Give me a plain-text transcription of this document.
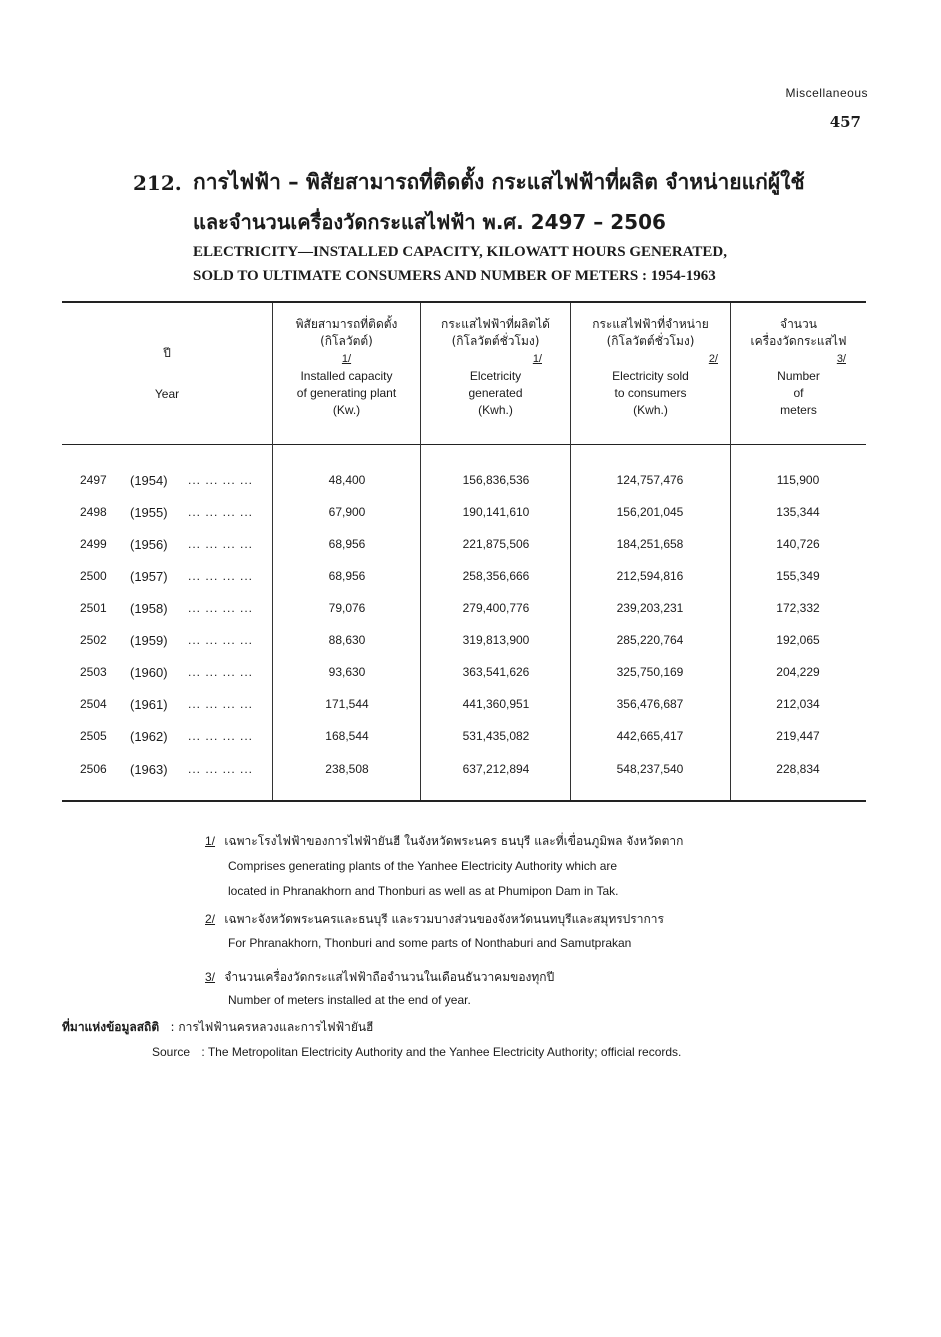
Miscellaneous
457
212. การไฟฟ้า – พิสัยสามารถที่ติดตั้ง กระแสไฟฟ้าที่ผลิต จำหน่ายแก่ผู้ใช้
และจำนวนเครื่องวัดกระแสไฟฟ้า พ.ศ. 2497 – 2506
ELECTRICITY—INSTALLED CAPACITY, KILOWATT HOURS GENERATED,
SOLD TO ULTIMATE CONSUMERS AND NUMBER OF METERS : 1954-1963
ปี
Year
พิสัยสามารถที่ติดตั้ง
(กิโลวัตต์)
1/
Installed capacity
of generating plant
(Kw.)
กระแสไฟฟ้าที่ผลิตได้
(กิโลวัตต์ชั่วโมง)
1/
Elcetricity
generated
(Kwh.)
กระแสไฟฟ้าที่จำหน่าย
(กิโลวัตต์ชั่วโมง)
2/
Electricity sold
to consumers
(Kwh.)
จำนวน
เครื่องวัดกระแสไฟ
3/
Number
of
meters
2497 (1954) ... ... ... ...	48,400	156,836,536	124,757,476	115,900
2498 (1955) ... ... ... ...	67,900	190,141,610	156,201,045	135,344
2499 (1956) ... ... ... ...	68,956	221,875,506	184,251,658	140,726
2500 (1957) ... ... ... ...	68,956	258,356,666	212,594,816	155,349
2501 (1958) ... ... ... ...	79,076	279,400,776	239,203,231	172,332
2502 (1959) ... ... ... ...	88,630	319,813,900	285,220,764	192,065
2503 (1960) ... ... ... ...	93,630	363,541,626	325,750,169	204,229
2504 (1961) ... ... ... ...	171,544	441,360,951	356,476,687	212,034
2505 (1962) ... ... ... ...	168,544	531,435,082	442,665,417	219,447
2506 (1963) ... ... ... ...	238,508	637,212,894	548,237,540	228,834
1/ เฉพาะโรงไฟฟ้าของการไฟฟ้ายันฮี ในจังหวัดพระนคร ธนบุรี และที่เขื่อนภูมิพล จังหวัดตาก
Comprises generating plants of the Yanhee Electricity Authority which are
located in Phranakhorn and Thonburi as well as at Phumipon Dam in Tak.
2/ เฉพาะจังหวัดพระนครและธนบุรี และรวมบางส่วนของจังหวัดนนทบุรีและสมุทรปราการ
For Phranakhorn, Thonburi and some parts of Nonthaburi and Samutprakan
3/ จำนวนเครื่องวัดกระแสไฟฟ้าถือจำนวนในเดือนธันวาคมของทุกปี
Number of meters installed at the end of year.
ที่มาแห่งข้อมูลสถิติ : การไฟฟ้านครหลวงและการไฟฟ้ายันฮี
Source : The Metropolitan Electricity Authority and the Yanhee Electricity Authority; official records.
